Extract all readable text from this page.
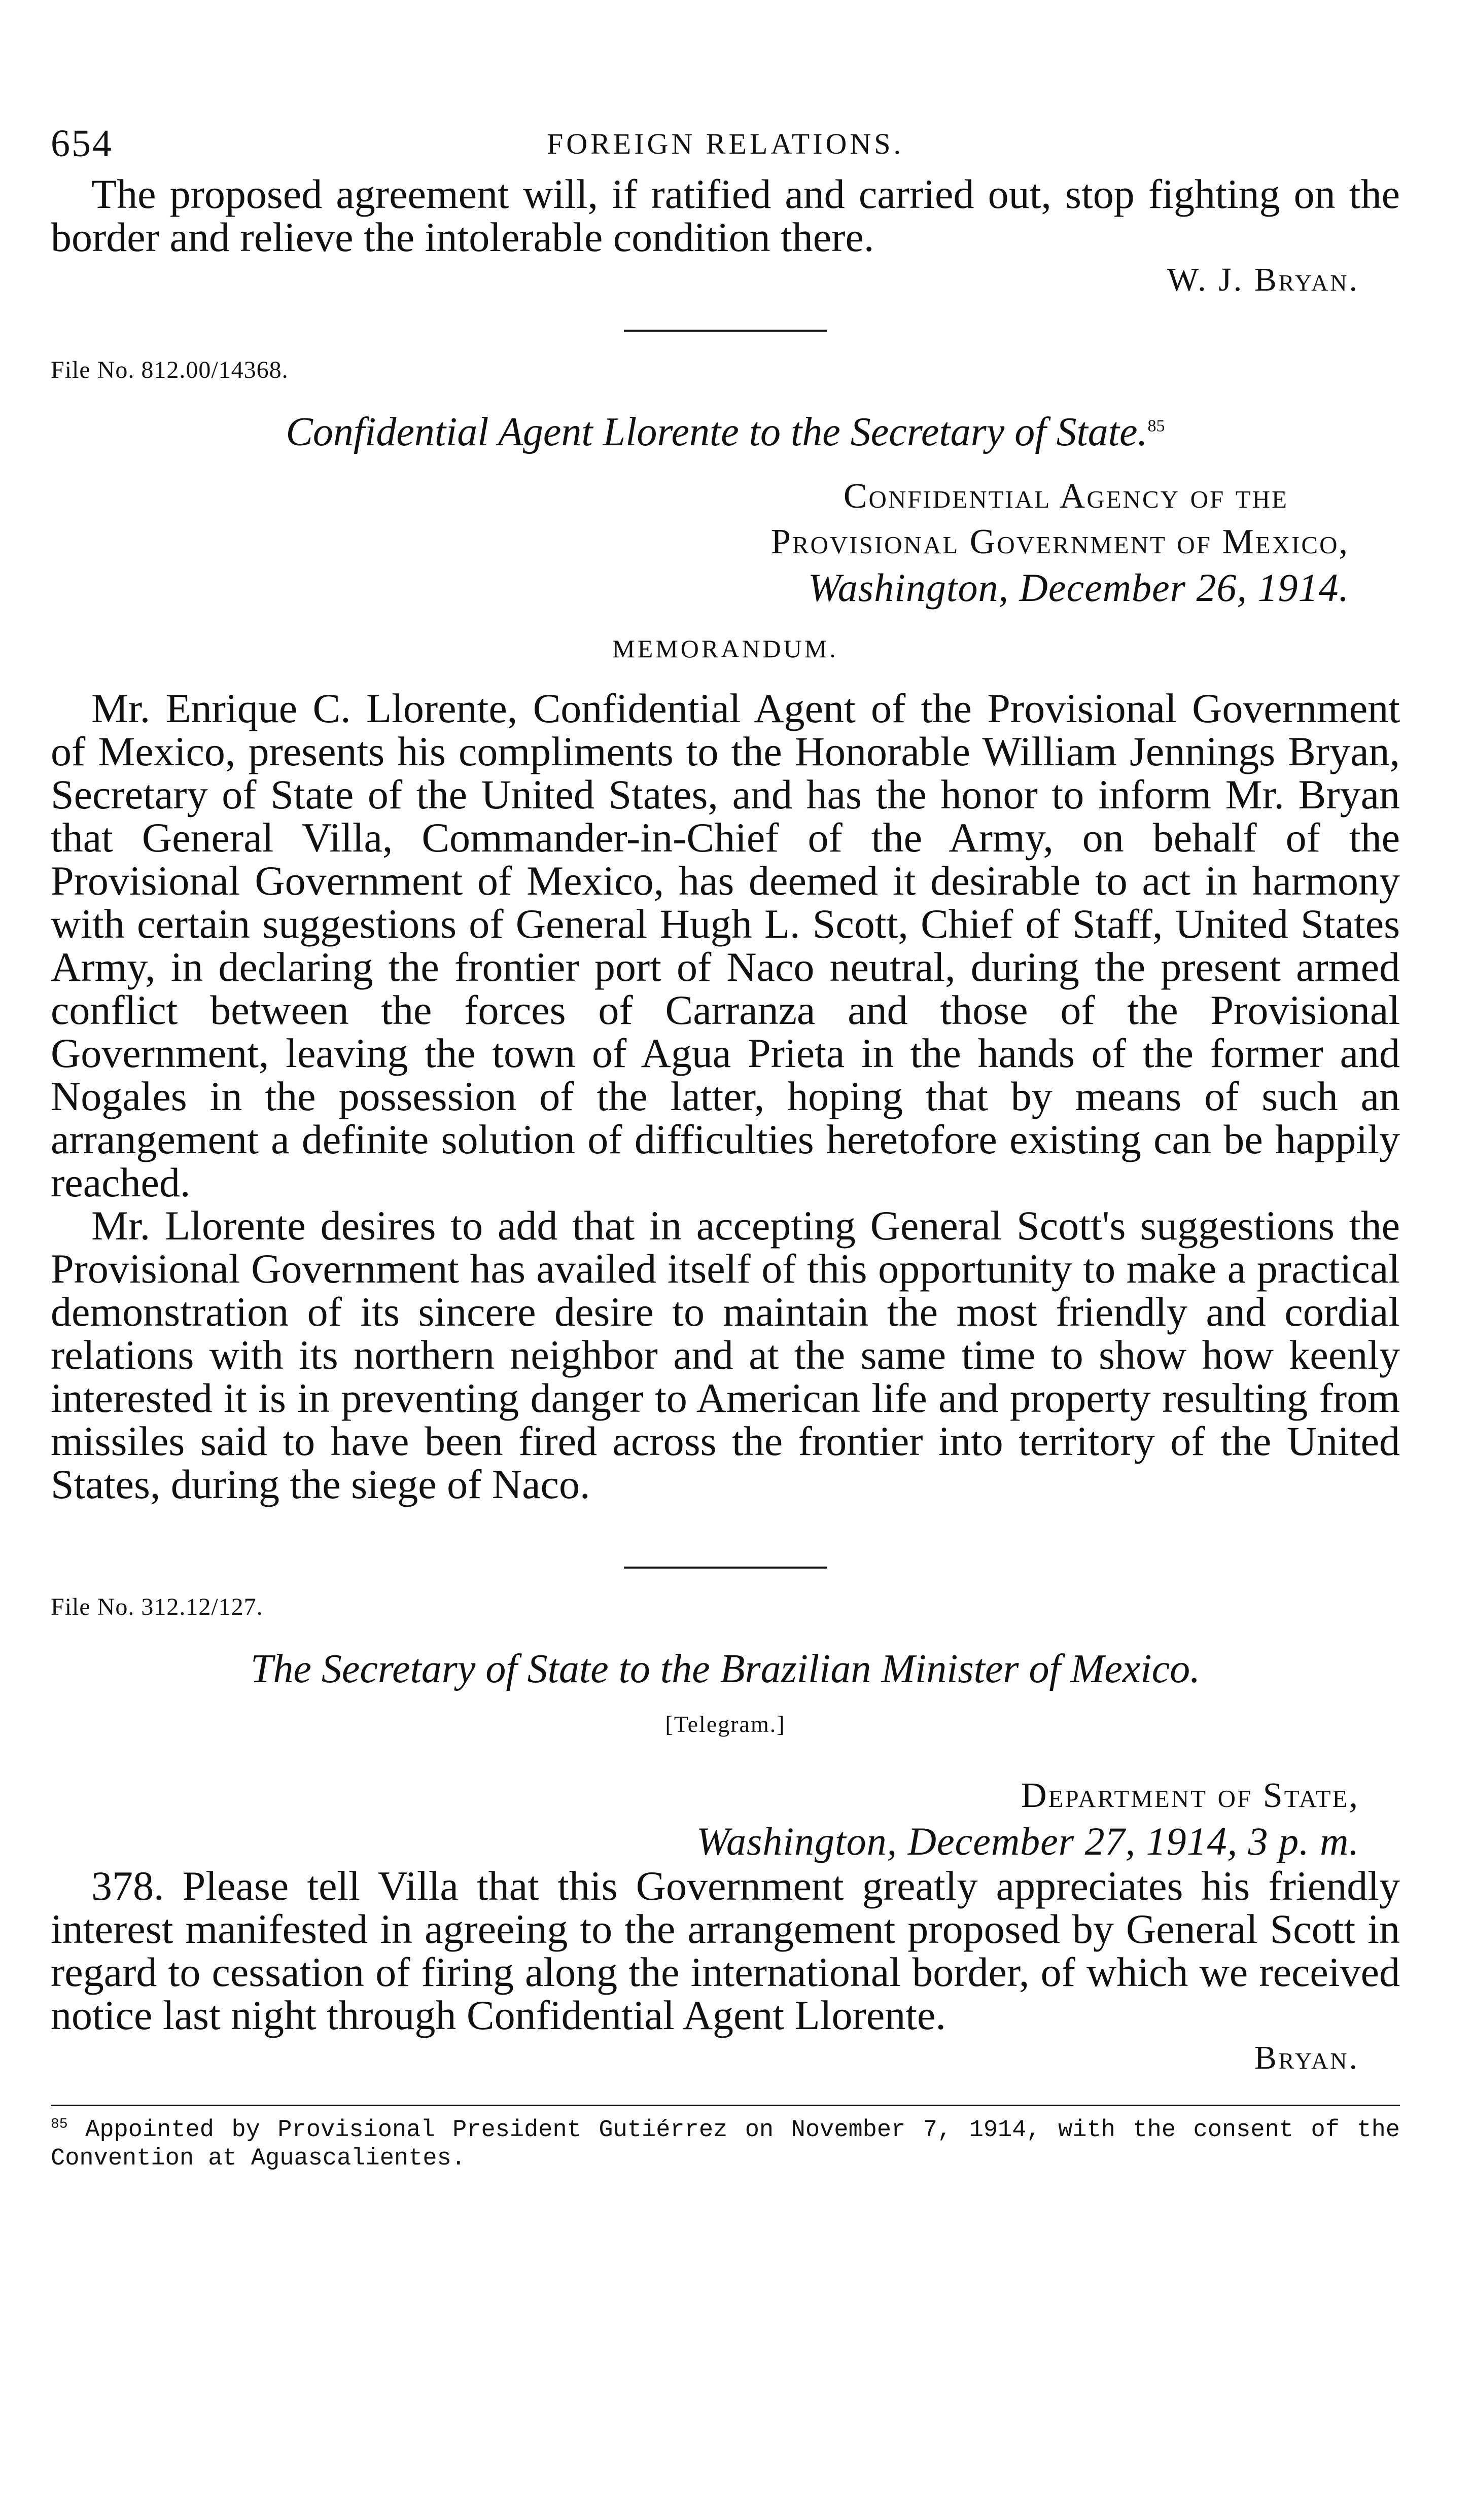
654	FOREIGN RELATIONS.

The proposed agreement will, if ratified and carried out, stop fighting on the border and relieve the intolerable condition there.

W. J. Bryan.
File No. 812.00/14368.
Confidential Agent Llorente to the Secretary of State.$^{85}$
Confidential Agency of the
Provisional Government of Mexico,
Washington, December 26, 1914.
MEMORANDUM.

Mr. Enrique C. Llorente, Confidential Agent of the Provisional Government of Mexico, presents his compliments to the Honorable William Jennings Bryan, Secretary of State of the United States, and has the honor to inform Mr. Bryan that General Villa, Commander-in-Chief of the Army, on behalf of the Provisional Government of Mexico, has deemed it desirable to act in harmony with certain suggestions of General Hugh L. Scott, Chief of Staff, United States Army, in declaring the frontier port of Naco neutral, during the present armed conflict between the forces of Carranza and those of the Provisional Government, leaving the town of Agua Prieta in the hands of the former and Nogales in the possession of the latter, hoping that by means of such an arrangement a definite solution of difficulties heretofore existing can be happily reached.

Mr. Llorente desires to add that in accepting General Scott's suggestions the Provisional Government has availed itself of this opportunity to make a practical demonstration of its sincere desire to maintain the most friendly and cordial relations with its northern neighbor and at the same time to show how keenly interested it is in preventing danger to American life and property resulting from missiles said to have been fired across the frontier into territory of the United States, during the siege of Naco.

File No. 312.12/127.
The Secretary of State to the Brazilian Minister of Mexico.
[Telegram.]
Department of State,
Washington, December 27, 1914, 3 p. m.

378. Please tell Villa that this Government greatly appreciates his friendly interest manifested in agreeing to the arrangement proposed by General Scott in regard to cessation of firing along the international border, of which we received notice last night through Confidential Agent Llorente.

Bryan.
$^{85}$ Appointed by Provisional President Gutiérrez on November 7, 1914, with the consent of the Convention at Aguascalientes.
